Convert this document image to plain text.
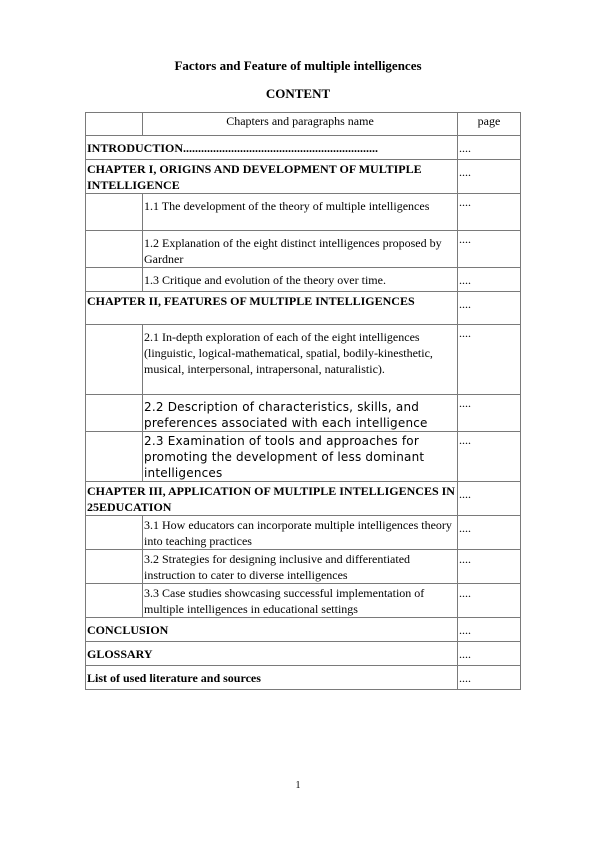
Factors and Feature of multiple intelligences
CONTENT
	Chapters and paragraphs name	page
INTRODUCTION.................................................................		....
CHAPTER I, ORIGINS AND DEVELOPMENT OF MULTIPLE INTELLIGENCE		....
	1.1 The development of the theory of multiple intelligences	....
	1.2 Explanation of the eight distinct intelligences proposed by Gardner	....
	1.3 Critique and evolution of the theory over time.	....
CHAPTER II, FEATURES OF MULTIPLE INTELLIGENCES		....
	2.1 In-depth exploration of each of the eight intelligences (linguistic, logical-mathematical, spatial, bodily-kinesthetic, musical, interpersonal, intrapersonal, naturalistic).	....
	2.2 Description of characteristics, skills, and preferences associated with each intelligence	....
	2.3 Examination of tools and approaches for promoting the development of less dominant intelligences	....
CHAPTER III, APPLICATION OF MULTIPLE INTELLIGENCES IN 25EDUCATION		....
	3.1 How educators can incorporate multiple intelligences theory into teaching practices	....
	3.2 Strategies for designing inclusive and differentiated instruction to cater to diverse intelligences	....
	3.3 Case studies showcasing successful implementation of multiple intelligences in educational settings	....
CONCLUSION		....
GLOSSARY		....
List of used literature and sources		....
1
